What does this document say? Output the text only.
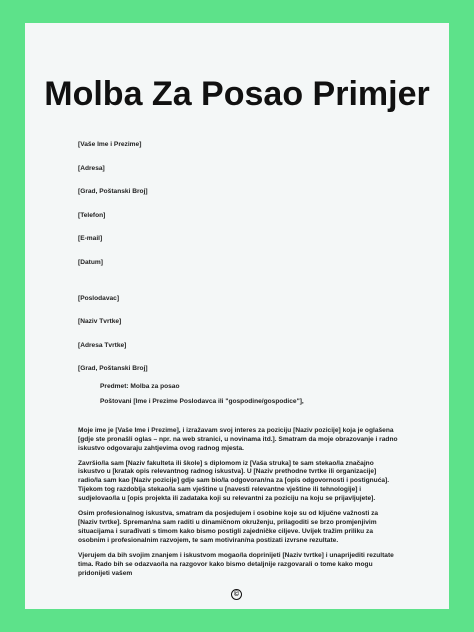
Molba Za Posao Primjer
[Vaše Ime i Prezime]
[Adresa]
[Grad, Poštanski Broj]
[Telefon]
[E-mail]
[Datum]
[Poslodavac]
[Naziv Tvrtke]
[Adresa Tvrtke]
[Grad, Poštanski Broj]

Predmet: Molba za posao

Poštovani [Ime i Prezime Poslodavca ili "gospodine/gospodice"],

Moje ime je [Vaše Ime i Prezime], i izražavam svoj interes za poziciju [Naziv pozicije] koja je oglašena [gdje ste pronašli oglas – npr. na web stranici, u novinama itd.]. Smatram da moje obrazovanje i radno iskustvo odgovaraju zahtjevima ovog radnog mjesta.

Završio/la sam [Naziv fakulteta ili škole] s diplomom iz [Vaša struka] te sam stekao/la značajno iskustvo u [kratak opis relevantnog radnog iskustva]. U [Naziv prethodne tvrtke ili organizacije] radio/la sam kao [Naziv pozicije] gdje sam bio/la odgovoran/na za [opis odgovornosti i postignuća]. Tijekom tog razdoblja stekao/la sam vještine u [navesti relevantne vještine ili tehnologije] i sudjelovao/la u [opis projekta ili zadataka koji su relevantni za poziciju na koju se prijavljujete].

Osim profesionalnog iskustva, smatram da posjedujem i osobine koje su od ključne važnosti za [Naziv tvrtke]. Spreman/na sam raditi u dinamičnom okruženju, prilagoditi se brzo promjenjivim situacijama i surađivati s timom kako bismo postigli zajedničke ciljeve. Uvijek tražim priliku za osobnim i profesionalnim razvojem, te sam motiviran/na postizati izvrsne rezultate.

Vjerujem da bih svojim znanjem i iskustvom mogao/la doprinijeti [Naziv tvrtke] i unaprijediti rezultate tima. Rado bih se odazvao/la na razgovor kako bismo detaljnije razgovarali o tome kako mogu pridonijeti vašem

©
